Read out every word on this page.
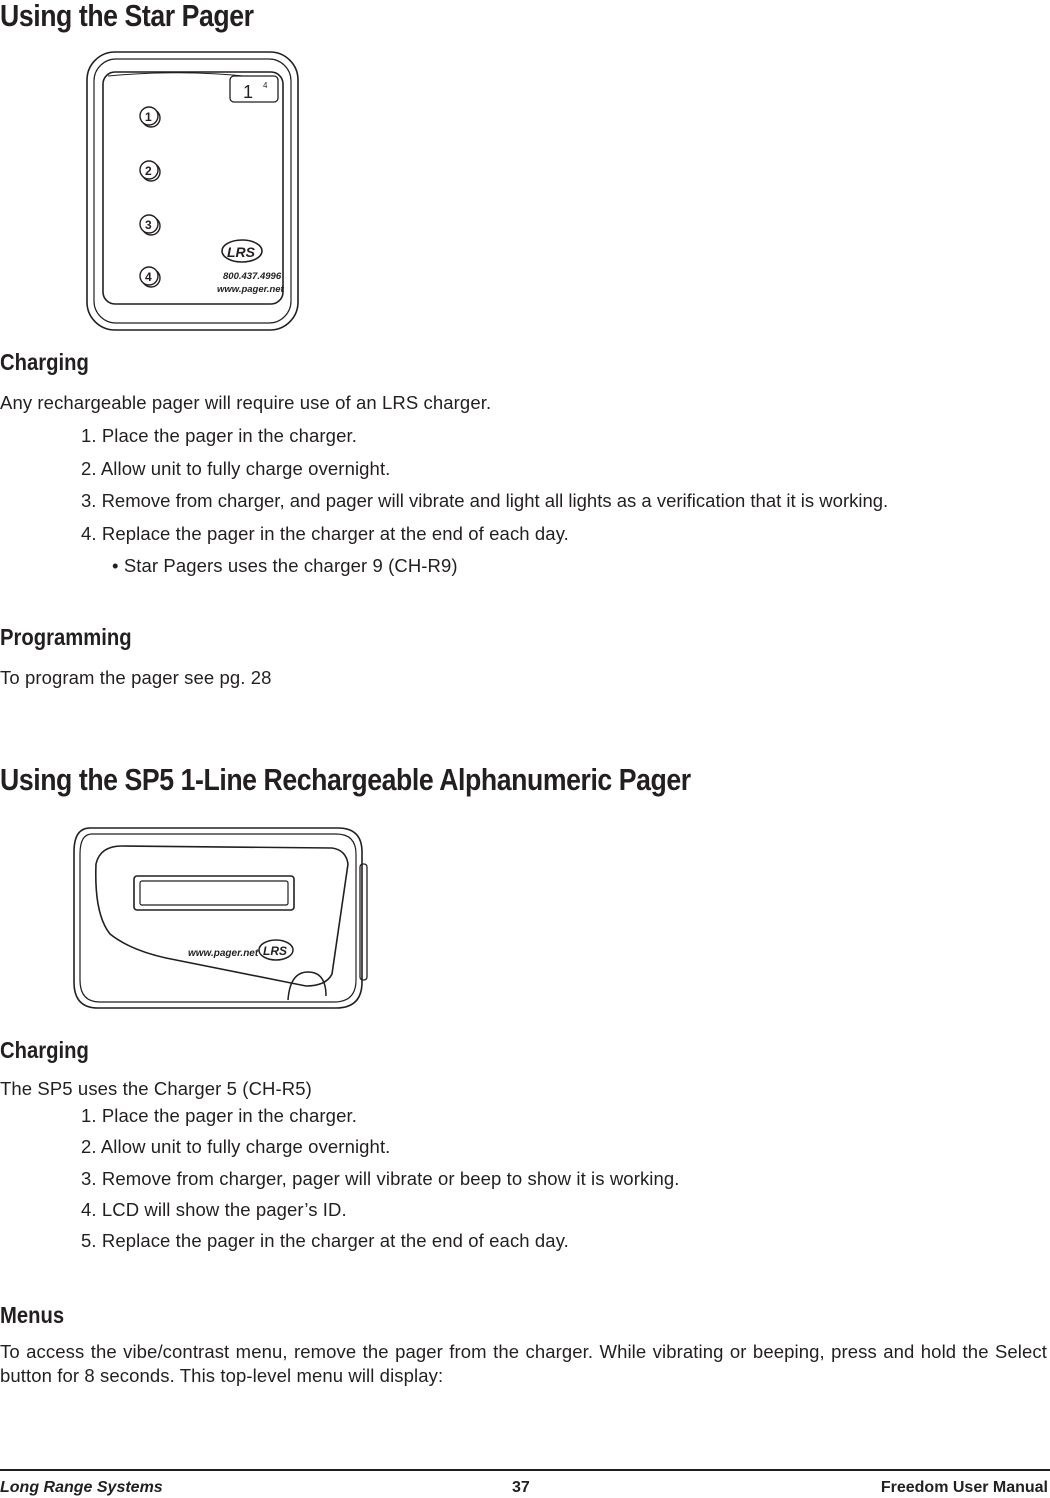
Using the Star Pager
1 4
1
2
3
4
LRS
800.437.4996
www.pager.net
Charging

Any rechargeable pager will require use of an LRS charger.

1. Place the pager in the charger.
2. Allow unit to fully charge overnight.
3. Remove from charger, and pager will vibrate and light all lights as a verification that it is working.
4. Replace the pager in the charger at the end of each day.
• Star Pagers uses the charger 9 (CH-R9)
Programming

To program the pager see pg. 28

Using the SP5 1-Line Rechargeable Alphanumeric Pager
www.pager.net LRS
Charging

The SP5 uses the Charger 5 (CH-R5)

1. Place the pager in the charger.
2. Allow unit to fully charge overnight.
3. Remove from charger, pager will vibrate or beep to show it is working.
4. LCD will show the pager’s ID.
5. Replace the pager in the charger at the end of each day.
Menus

To access the vibe/contrast menu, remove the pager from the charger. While vibrating or beeping, press and hold the Select button for 8 seconds. This top-level menu will display:

Long Range Systems	37	Freedom User Manual
